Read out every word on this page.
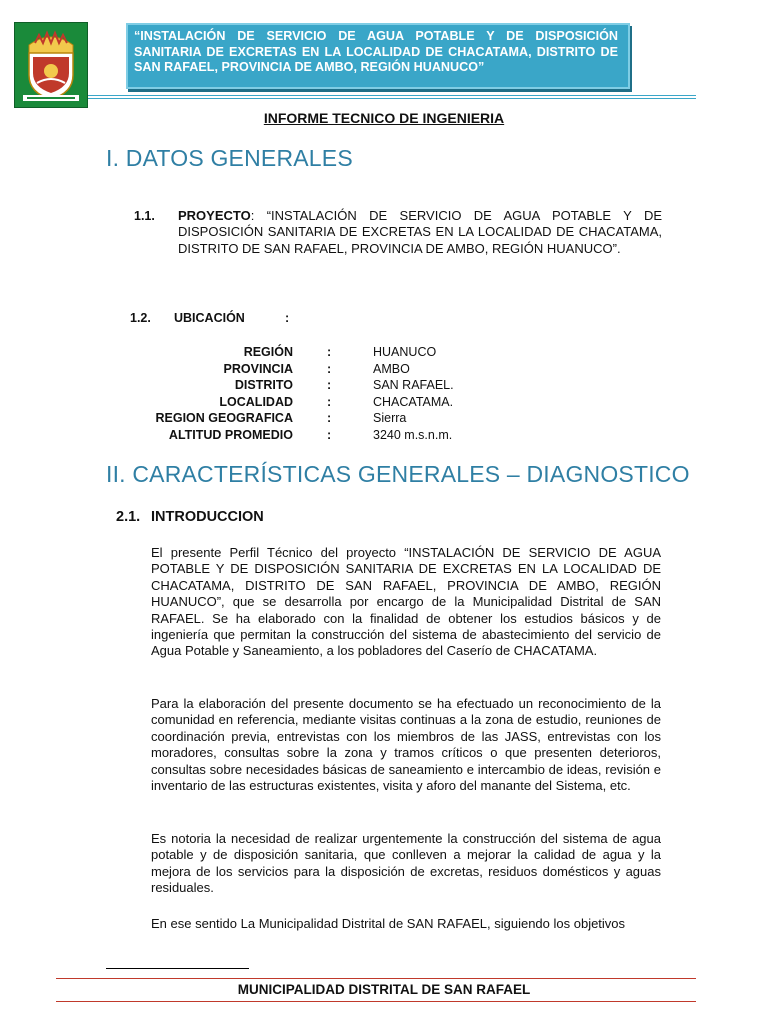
“INSTALACIÓN DE SERVICIO DE AGUA POTABLE Y DE DISPOSICIÓN SANITARIA DE EXCRETAS EN LA LOCALIDAD DE CHACATAMA, DISTRITO DE SAN RAFAEL, PROVINCIA DE AMBO, REGIÓN HUANUCO”
INFORME TECNICO DE INGENIERIA
I. DATOS GENERALES
1.1. PROYECTO: “INSTALACIÓN DE SERVICIO DE AGUA POTABLE Y DE DISPOSICIÓN SANITARIA DE EXCRETAS EN LA LOCALIDAD DE CHACATAMA, DISTRITO DE SAN RAFAEL, PROVINCIA DE AMBO, REGIÓN HUANUCO”.
1.2. UBICACIÓN	:
REGIÓN	:	HUANUCO
PROVINCIA	:	AMBO
DISTRITO	:	SAN RAFAEL.
LOCALIDAD	:	CHACATAMA.
REGION GEOGRAFICA	:	Sierra
ALTITUD PROMEDIO	:	3240 m.s.n.m.
II. CARACTERÍSTICAS GENERALES – DIAGNOSTICO
2.1. INTRODUCCION
El presente Perfil Técnico del proyecto “INSTALACIÓN DE SERVICIO DE AGUA POTABLE Y DE DISPOSICIÓN SANITARIA DE EXCRETAS EN LA LOCALIDAD DE CHACATAMA, DISTRITO DE SAN RAFAEL, PROVINCIA DE AMBO, REGIÓN HUANUCO”, que se desarrolla por encargo de la Municipalidad Distrital de SAN RAFAEL. Se ha elaborado con la finalidad de obtener los estudios básicos y de ingeniería que permitan la construcción del sistema de abastecimiento del servicio de Agua Potable y Saneamiento, a los pobladores del Caserío de CHACATAMA.
Para la elaboración del presente documento se ha efectuado un reconocimiento de la comunidad en referencia, mediante visitas continuas a la zona de estudio, reuniones de coordinación previa, entrevistas con los miembros de las JASS, entrevistas con los moradores, consultas sobre la zona y tramos críticos o que presenten deterioros, consultas sobre necesidades básicas de saneamiento e intercambio de ideas, revisión e inventario de las estructuras existentes, visita y aforo del manante del Sistema, etc.
Es notoria la necesidad de realizar urgentemente la construcción del sistema de agua potable y de disposición sanitaria, que conlleven a mejorar la calidad de agua y la mejora de los servicios para la disposición de excretas, residuos domésticos y aguas residuales.
En ese sentido La Municipalidad Distrital de SAN RAFAEL, siguiendo los objetivos
MUNICIPALIDAD DISTRITAL DE SAN RAFAEL
